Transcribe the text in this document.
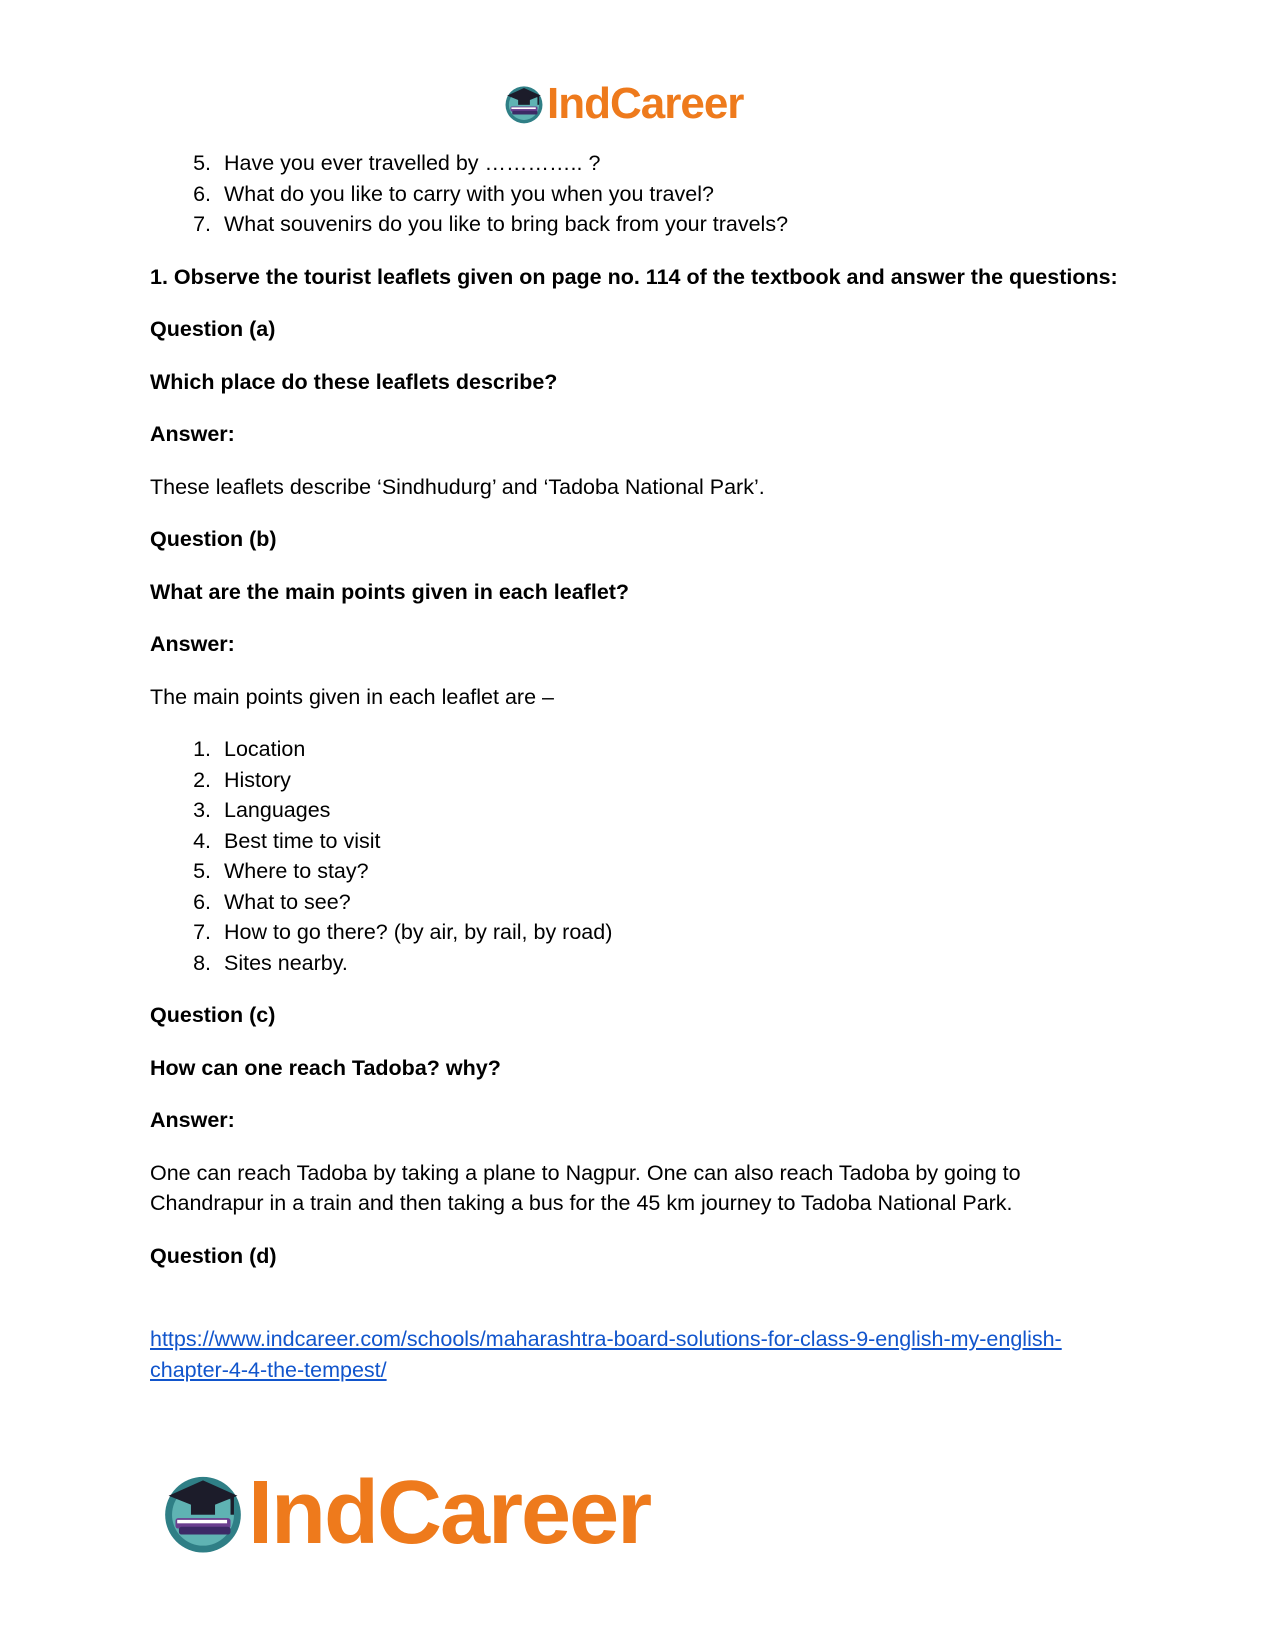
IndCareer
5. Have you ever travelled by ………….. ?
6. What do you like to carry with you when you travel?
7. What souvenirs do you like to bring back from your travels?

1. Observe the tourist leaflets given on page no. 114 of the textbook and answer the questions:

Question (a)

Which place do these leaflets describe?

Answer:

These leaflets describe ‘Sindhudurg’ and ‘Tadoba National Park’.

Question (b)

What are the main points given in each leaflet?

Answer:

The main points given in each leaflet are –

1. Location
2. History
3. Languages
4. Best time to visit
5. Where to stay?
6. What to see?
7. How to go there? (by air, by rail, by road)
8. Sites nearby.

Question (c)

How can one reach Tadoba? why?

Answer:

One can reach Tadoba by taking a plane to Nagpur. One can also reach Tadoba by going to Chandrapur in a train and then taking a bus for the 45 km journey to Tadoba National Park.

Question (d)

https://www.indcareer.com/schools/maharashtra-board-solutions-for-class-9-english-my-english-chapter-4-4-the-tempest/

IndCareer
